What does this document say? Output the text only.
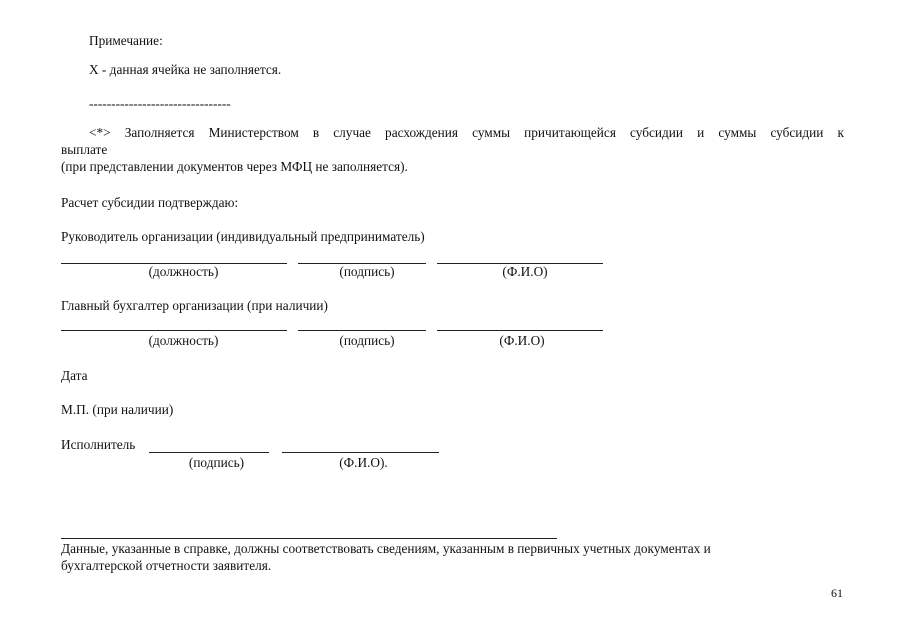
Примечание:
Х - данная ячейка не заполняется.
--------------------------------
<*> Заполняется Министерством в случае расхождения суммы причитающейся субсидии и суммы субсидии к
выплате
(при представлении документов через МФЦ не заполняется).
Расчет субсидии подтверждаю:
Руководитель организации (индивидуальный предприниматель)
(должность)	(подпись)	(Ф.И.О)
Главный бухгалтер организации (при наличии)
(должность)	(подпись)	(Ф.И.О)
Дата
М.П. (при наличии)
Исполнитель
(подпись)	(Ф.И.О).
Данные, указанные в справке, должны соответствовать сведениям, указанным в первичных учетных документах и
бухгалтерской отчетности заявителя.
61
